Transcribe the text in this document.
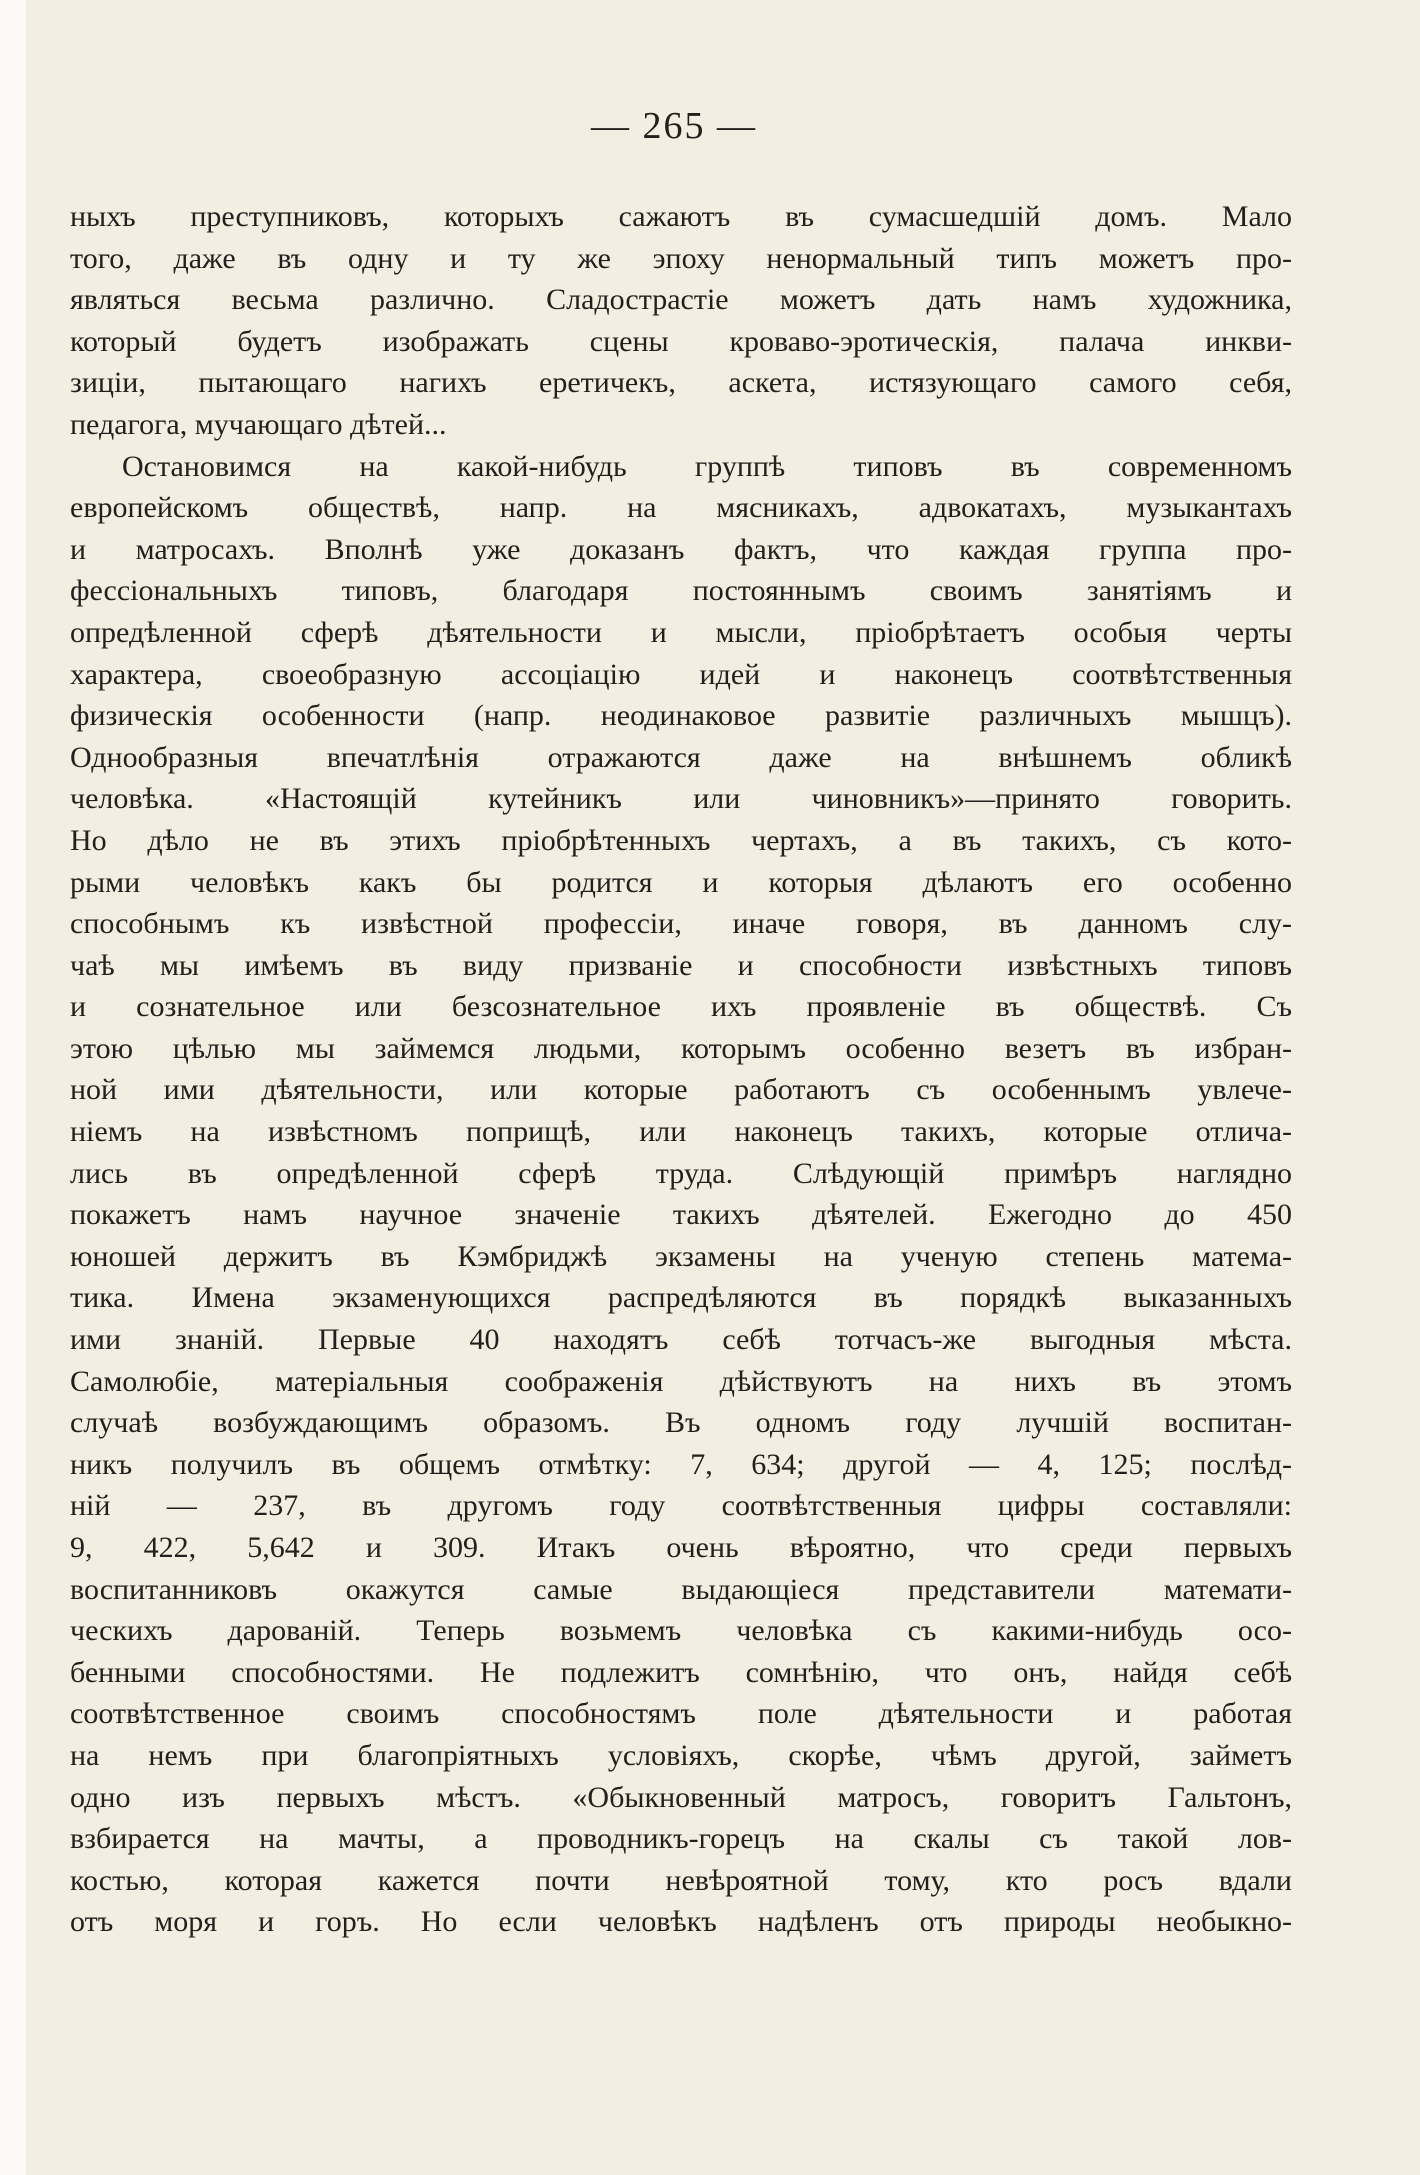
— 265 —
ныхъ преступниковъ, которыхъ сажаютъ въ сумасшедшій домъ. Мало
того, даже въ одну и ту же эпоху ненормальный типъ можетъ про-
являться весьма различно. Сладострастіе можетъ дать намъ художника,
который будетъ изображать сцены кроваво-эротическія, палача инкви-
зиціи, пытающаго нагихъ еретичекъ, аскета, истязующаго самого себя,
педагога, мучающаго дѣтей...
Остановимся на какой-нибудь группѣ типовъ въ современномъ
европейскомъ обществѣ, напр. на мясникахъ, адвокатахъ, музыкантахъ
и матросахъ. Вполнѣ уже доказанъ фактъ, что каждая группа про-
фессіональныхъ типовъ, благодаря постояннымъ своимъ занятіямъ и
опредѣленной сферѣ дѣятельности и мысли, пріобрѣтаетъ особыя черты
характера, своеобразную ассоціацію идей и наконецъ соотвѣтственныя
физическія особенности (напр. неодинаковое развитіе различныхъ мышцъ).
Однообразныя впечатлѣнія отражаются даже на внѣшнемъ обликѣ
человѣка. «Настоящій кутейникъ или чиновникъ»—принято говорить.
Но дѣло не въ этихъ пріобрѣтенныхъ чертахъ, а въ такихъ, съ кото-
рыми человѣкъ какъ бы родится и которыя дѣлаютъ его особенно
способнымъ къ извѣстной профессіи, иначе говоря, въ данномъ слу-
чаѣ мы имѣемъ въ виду призваніе и способности извѣстныхъ типовъ
и сознательное или безсознательное ихъ проявленіе въ обществѣ. Съ
этою цѣлью мы займемся людьми, которымъ особенно везетъ въ избран-
ной ими дѣятельности, или которые работаютъ съ особеннымъ увлече-
ніемъ на извѣстномъ поприщѣ, или наконецъ такихъ, которые отлича-
лись въ опредѣленной сферѣ труда. Слѣдующій примѣръ наглядно
покажетъ намъ научное значеніе такихъ дѣятелей. Ежегодно до 450
юношей держитъ въ Кэмбриджѣ экзамены на ученую степень матема-
тика. Имена экзаменующихся распредѣляются въ порядкѣ выказанныхъ
ими знаній. Первые 40 находятъ себѣ тотчасъ-же выгодныя мѣста.
Самолюбіе, матеріальныя соображенія дѣйствуютъ на нихъ въ этомъ
случаѣ возбуждающимъ образомъ. Въ одномъ году лучшій воспитан-
никъ получилъ въ общемъ отмѣтку: 7, 634; другой — 4, 125; послѣд-
ній — 237, въ другомъ году соотвѣтственныя цифры составляли:
9, 422, 5,642 и 309. Итакъ очень вѣроятно, что среди первыхъ
воспитанниковъ окажутся самые выдающіеся представители математи-
ческихъ дарованій. Теперь возьмемъ человѣка съ какими-нибудь осо-
бенными способностями. Не подлежитъ сомнѣнію, что онъ, найдя себѣ
соотвѣтственное своимъ способностямъ поле дѣятельности и работая
на немъ при благопріятныхъ условіяхъ, скорѣе, чѣмъ другой, займетъ
одно изъ первыхъ мѣстъ. «Обыкновенный матросъ, говоритъ Гальтонъ,
взбирается на мачты, а проводникъ-горецъ на скалы съ такой лов-
костью, которая кажется почти невѣроятной тому, кто росъ вдали
отъ моря и горъ. Но если человѣкъ надѣленъ отъ природы необыкно-
